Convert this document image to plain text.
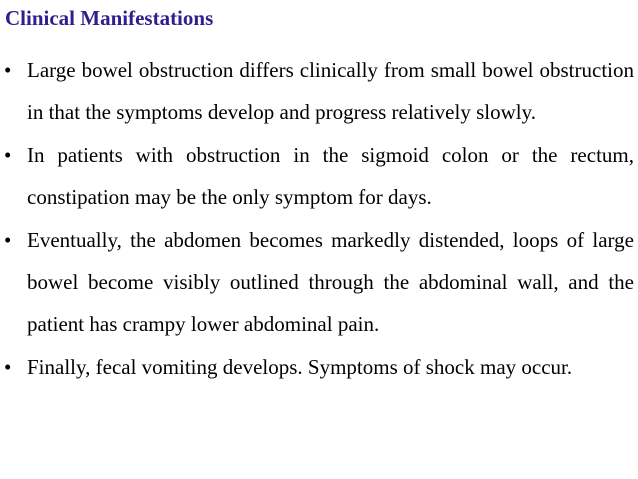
Clinical Manifestations
• Large bowel obstruction differs clinically from small bowel obstruction in that the symptoms develop and progress relatively slowly.
• In patients with obstruction in the sigmoid colon or the rectum, constipation may be the only symptom for days.
• Eventually, the abdomen becomes markedly distended, loops of large bowel become visibly outlined through the abdominal wall, and the patient has crampy lower abdominal pain.
• Finally, fecal vomiting develops. Symptoms of shock may occur.
